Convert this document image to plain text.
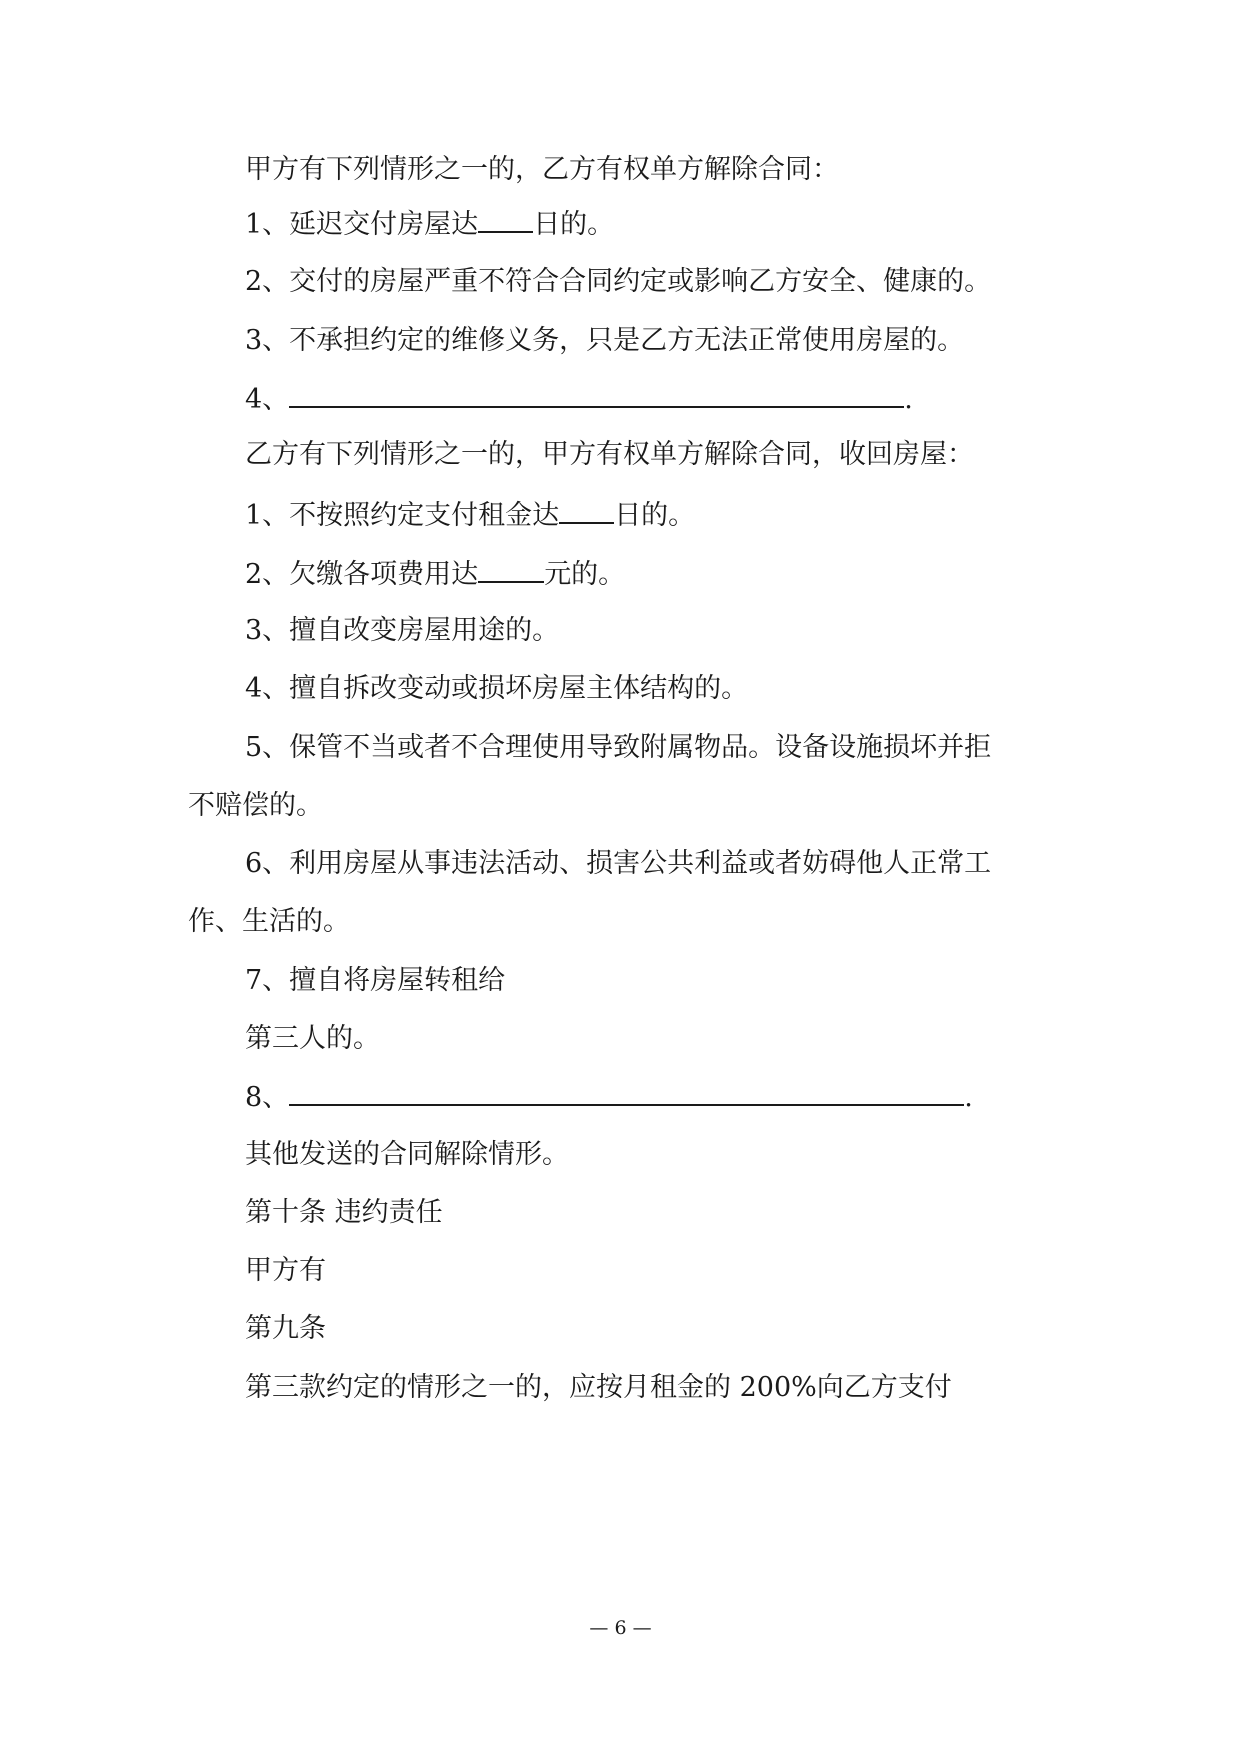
甲方有下列情形之一的，乙方有权单方解除合同：
1、延迟交付房屋达 日的。
2、交付的房屋严重不符合合同约定或影响乙方安全、健康的。
3、不承担约定的维修义务，只是乙方无法正常使用房屋的。
4、	.
乙方有下列情形之一的，甲方有权单方解除合同，收回房屋：
1、不按照约定支付租金达 日的。
2、欠缴各项费用达 元的。
3、擅自改变房屋用途的。
4、擅自拆改变动或损坏房屋主体结构的。
5、保管不当或者不合理使用导致附属物品。设备设施损坏并拒
不赔偿的。
6、利用房屋从事违法活动、损害公共利益或者妨碍他人正常工
作、生活的。
7、擅自将房屋转租给
第三人的。
8、	.
其他发送的合同解除情形。
第十条 违约责任
甲方有
第九条
第三款约定的情形之一的，应按月租金的 200%向乙方支付
— 6 —
